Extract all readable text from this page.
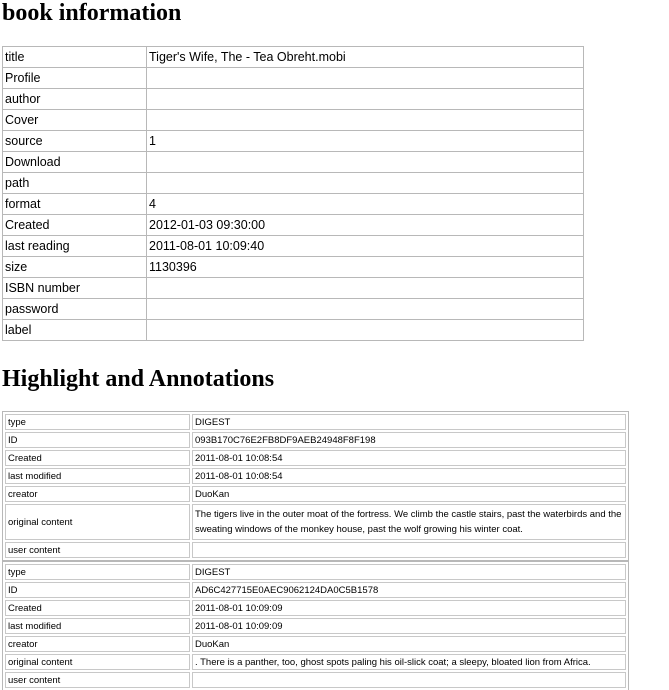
book information
title	Tiger's Wife, The - Tea Obreht.mobi
Profile	
author	
Cover	
source	1
Download	
path	
format	4
Created	2012-01-03 09:30:00
last reading	2011-08-01 10:09:40
size	1130396
ISBN number	
password	
label	
Highlight and Annotations
type	DIGEST
ID	093B170C76E2FB8DF9AEB24948F8F198
Created	2011-08-01 10:08:54
last modified	2011-08-01 10:08:54
creator	DuoKan
original content	The tigers live in the outer moat of the fortress. We climb the castle stairs, past the waterbirds and the sweating windows of the monkey house, past the wolf growing his winter coat.
user content	
type	DIGEST
ID	AD6C427715E0AEC9062124DA0C5B1578
Created	2011-08-01 10:09:09
last modified	2011-08-01 10:09:09
creator	DuoKan
original content	. There is a panther, too, ghost spots paling his oil-slick coat; a sleepy, bloated lion from Africa.
user content	
